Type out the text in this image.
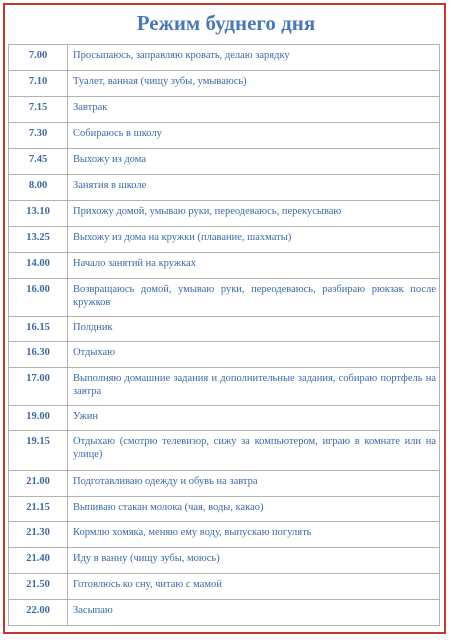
Режим буднего дня
7.00	Просыпаюсь, заправляю кровать, делаю зарядку
7.10	Туалет, ванная (чищу зубы, умываюсь)
7.15	Завтрак
7.30	Собираюсь в школу
7.45	Выхожу из дома
8.00	Занятия в школе
13.10	Прихожу домой, умываю руки, переодеваюсь, перекусываю
13.25	Выхожу из дома на кружки (плавание, шахматы)
14.00	Начало занятий на кружках
16.00	Возвращаюсь домой, умываю руки, переодеваюсь, разбираю рюкзак после кружков
16.15	Полдник
16.30	Отдыхаю
17.00	Выполняю домашние задания и дополнительные задания, собираю портфель на завтра
19.00	Ужин
19.15	Отдыхаю (смотрю телевизор, сижу за компьютером, играю в комнате или на улице)
21.00	Подготавливаю одежду и обувь на завтра
21.15	Выпиваю стакан молока (чая, воды, какао)
21.30	Кормлю хомяка, меняю ему воду, выпускаю погулять
21.40	Иду в ванну (чищу зубы, моюсь)
21.50	Готовлюсь ко сну, читаю с мамой
22.00	Засыпаю
